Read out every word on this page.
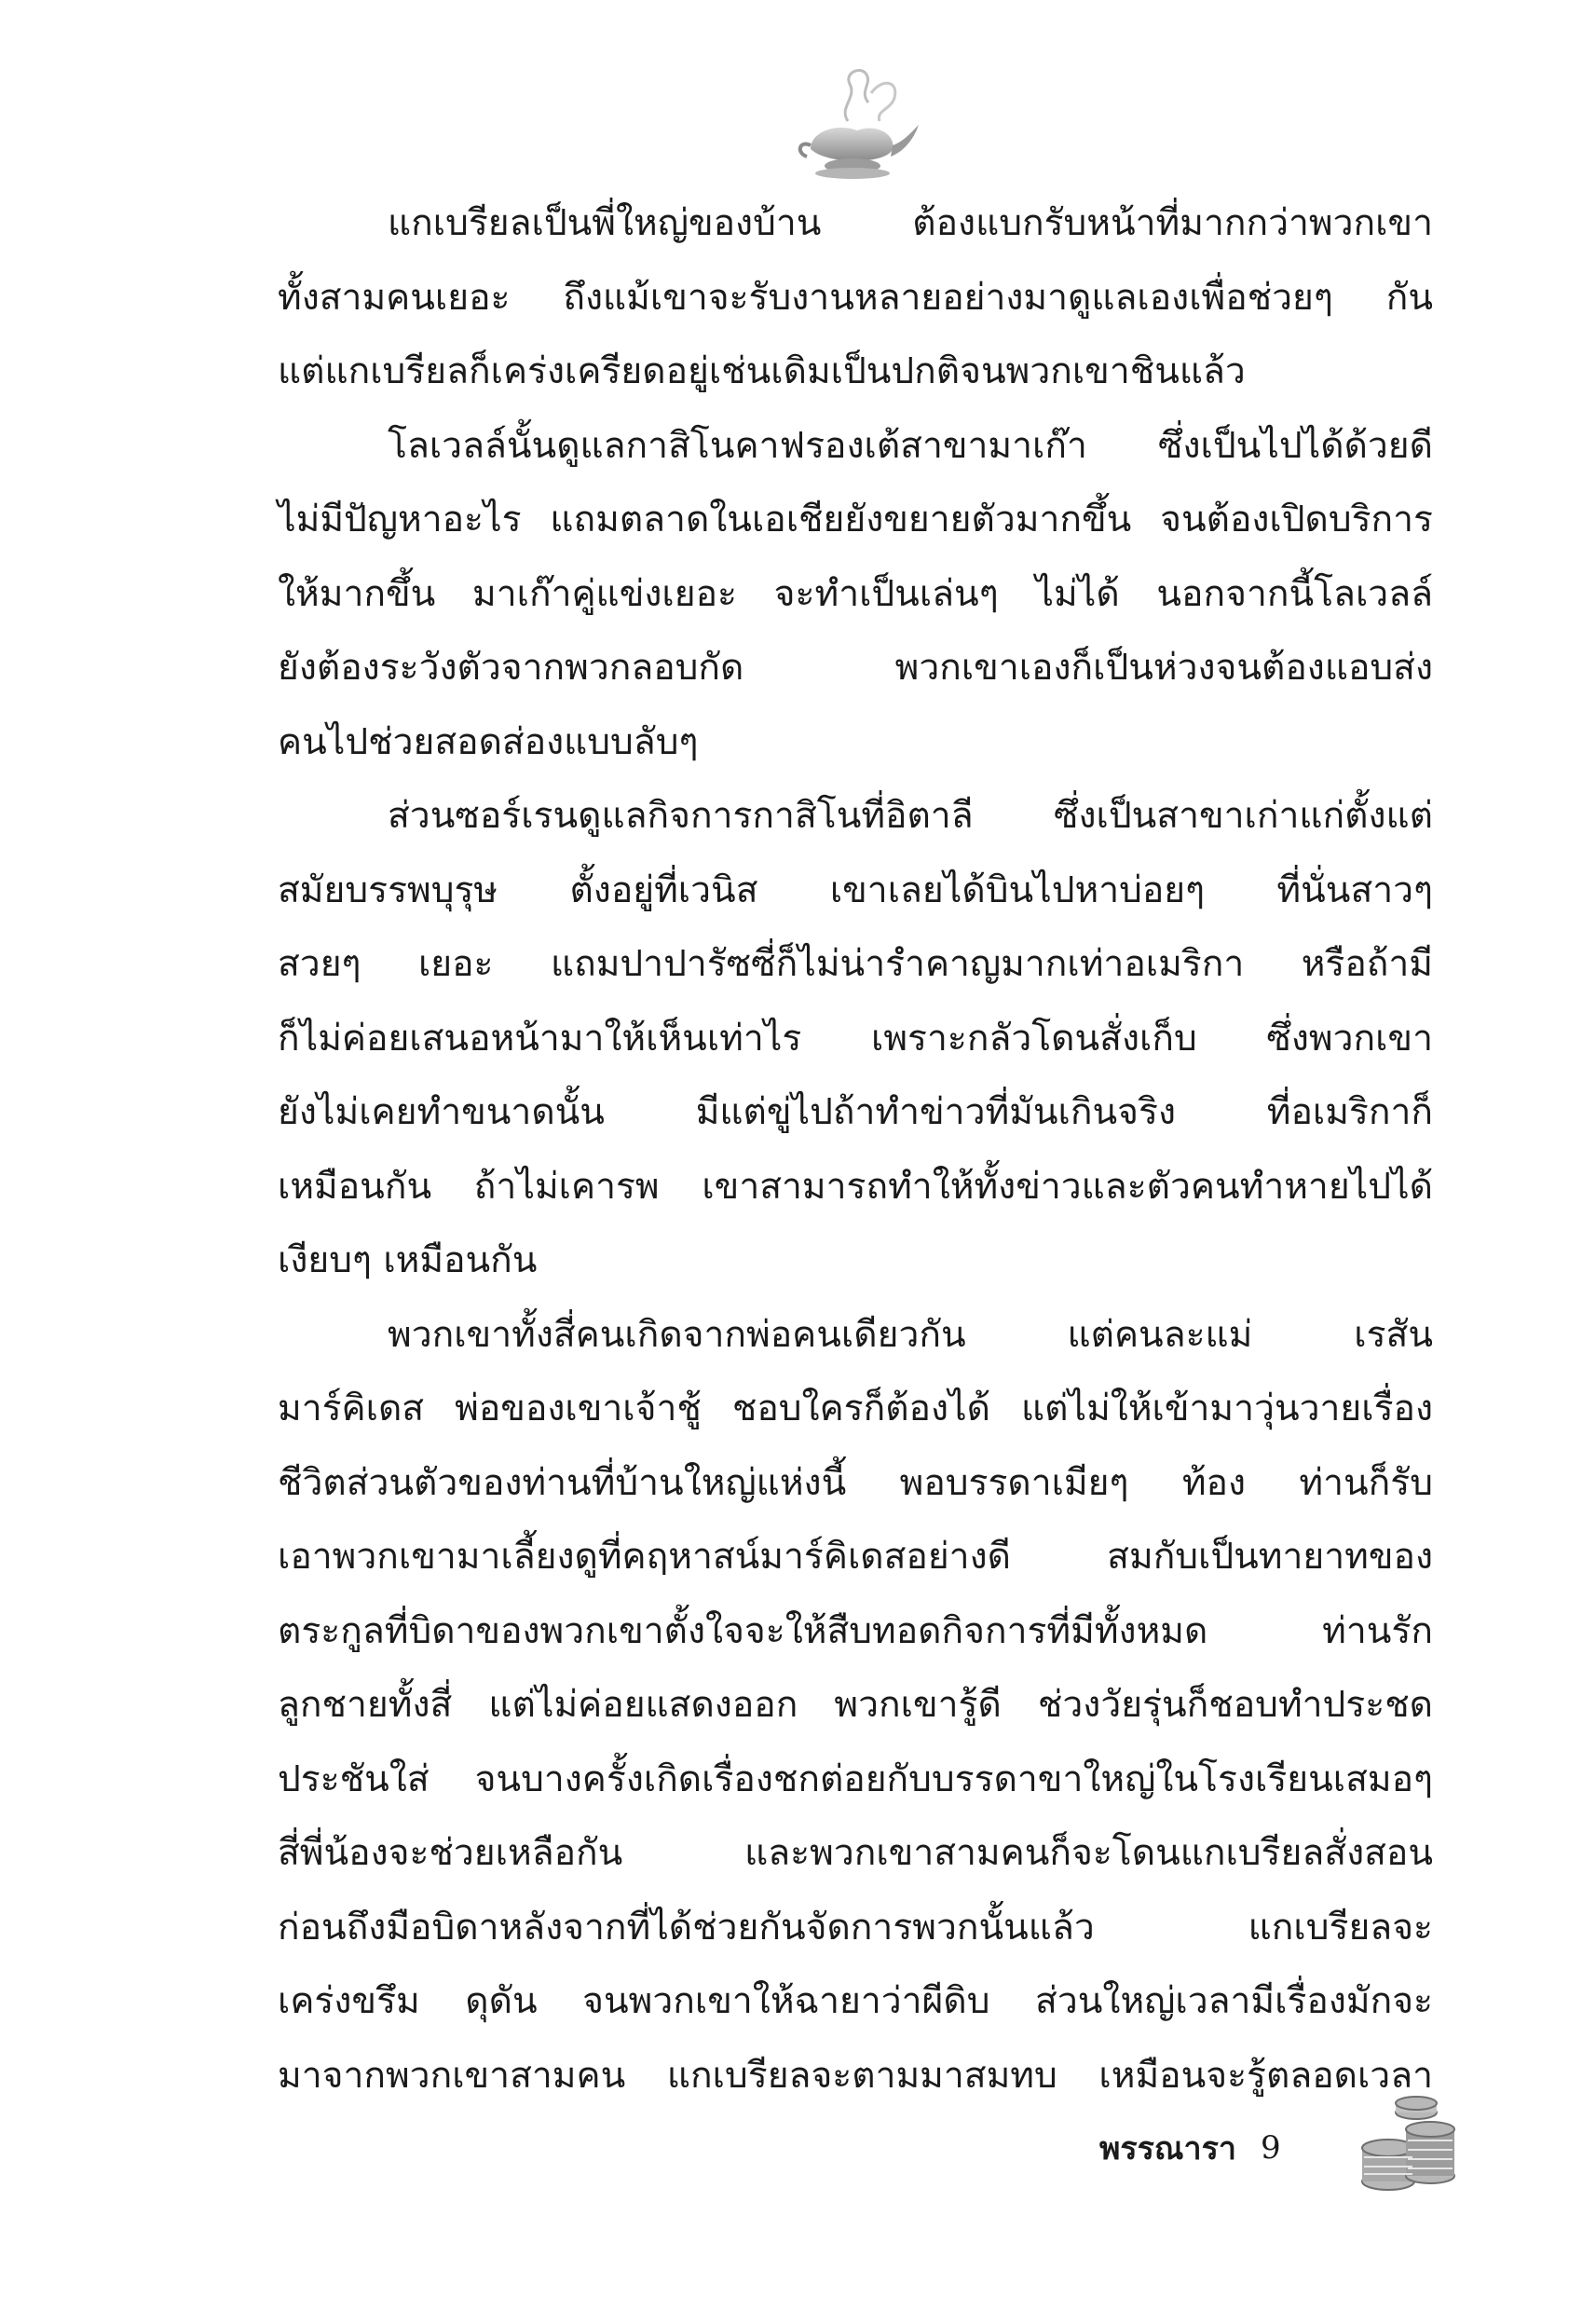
แกเบรียลเป็นพี่ใหญ่ของบ้าน ต้องแบกรับหน้าที่มากกว่าพวกเขา
ทั้งสามคนเยอะ ถึงแม้เขาจะรับงานหลายอย่างมาดูแลเองเพื่อช่วยๆ กัน
แต่แกเบรียลก็เคร่งเครียดอยู่เช่นเดิมเป็นปกติจนพวกเขาชินแล้ว

โลเวลล์นั้นดูแลกาสิโนคาฟรองเต้สาขามาเก๊า ซึ่งเป็นไปได้ด้วยดี
ไม่มีปัญหาอะไร แถมตลาดในเอเชียยังขยายตัวมากขึ้น จนต้องเปิดบริการ
ให้มากขึ้น มาเก๊าคู่แข่งเยอะ จะทำเป็นเล่นๆ ไม่ได้ นอกจากนี้โลเวลล์
ยังต้องระวังตัวจากพวกลอบกัด พวกเขาเองก็เป็นห่วงจนต้องแอบส่ง
คนไปช่วยสอดส่องแบบลับๆ

ส่วนซอร์เรนดูแลกิจการกาสิโนที่อิตาลี ซึ่งเป็นสาขาเก่าแก่ตั้งแต่
สมัยบรรพบุรุษ ตั้งอยู่ที่เวนิส เขาเลยได้บินไปหาบ่อยๆ ที่นั่นสาวๆ
สวยๆ เยอะ แถมปาปารัซซี่ก็ไม่น่ารำคาญมากเท่าอเมริกา หรือถ้ามี
ก็ไม่ค่อยเสนอหน้ามาให้เห็นเท่าไร เพราะกลัวโดนสั่งเก็บ ซึ่งพวกเขา
ยังไม่เคยทำขนาดนั้น มีแต่ขู่ไปถ้าทำข่าวที่มันเกินจริง ที่อเมริกาก็
เหมือนกัน ถ้าไม่เคารพ เขาสามารถทำให้ทั้งข่าวและตัวคนทำหายไปได้
เงียบๆ เหมือนกัน

พวกเขาทั้งสี่คนเกิดจากพ่อคนเดียวกัน แต่คนละแม่ เรสัน
มาร์คิเดส พ่อของเขาเจ้าชู้ ชอบใครก็ต้องได้ แต่ไม่ให้เข้ามาวุ่นวายเรื่อง
ชีวิตส่วนตัวของท่านที่บ้านใหญ่แห่งนี้ พอบรรดาเมียๆ ท้อง ท่านก็รับ
เอาพวกเขามาเลี้ยงดูที่คฤหาสน์มาร์คิเดสอย่างดี สมกับเป็นทายาทของ
ตระกูลที่บิดาของพวกเขาตั้งใจจะให้สืบทอดกิจการที่มีทั้งหมด ท่านรัก
ลูกชายทั้งสี่ แต่ไม่ค่อยแสดงออก พวกเขารู้ดี ช่วงวัยรุ่นก็ชอบทำประชด
ประชันใส่ จนบางครั้งเกิดเรื่องชกต่อยกับบรรดาขาใหญ่ในโรงเรียนเสมอๆ
สี่พี่น้องจะช่วยเหลือกัน และพวกเขาสามคนก็จะโดนแกเบรียลสั่งสอน
ก่อนถึงมือบิดาหลังจากที่ได้ช่วยกันจัดการพวกนั้นแล้ว แกเบรียลจะ
เคร่งขรึม ดุดัน จนพวกเขาให้ฉายาว่าผีดิบ ส่วนใหญ่เวลามีเรื่องมักจะ
มาจากพวกเขาสามคน แกเบรียลจะตามมาสมทบ เหมือนจะรู้ตลอดเวลา

พรรณารา 9
